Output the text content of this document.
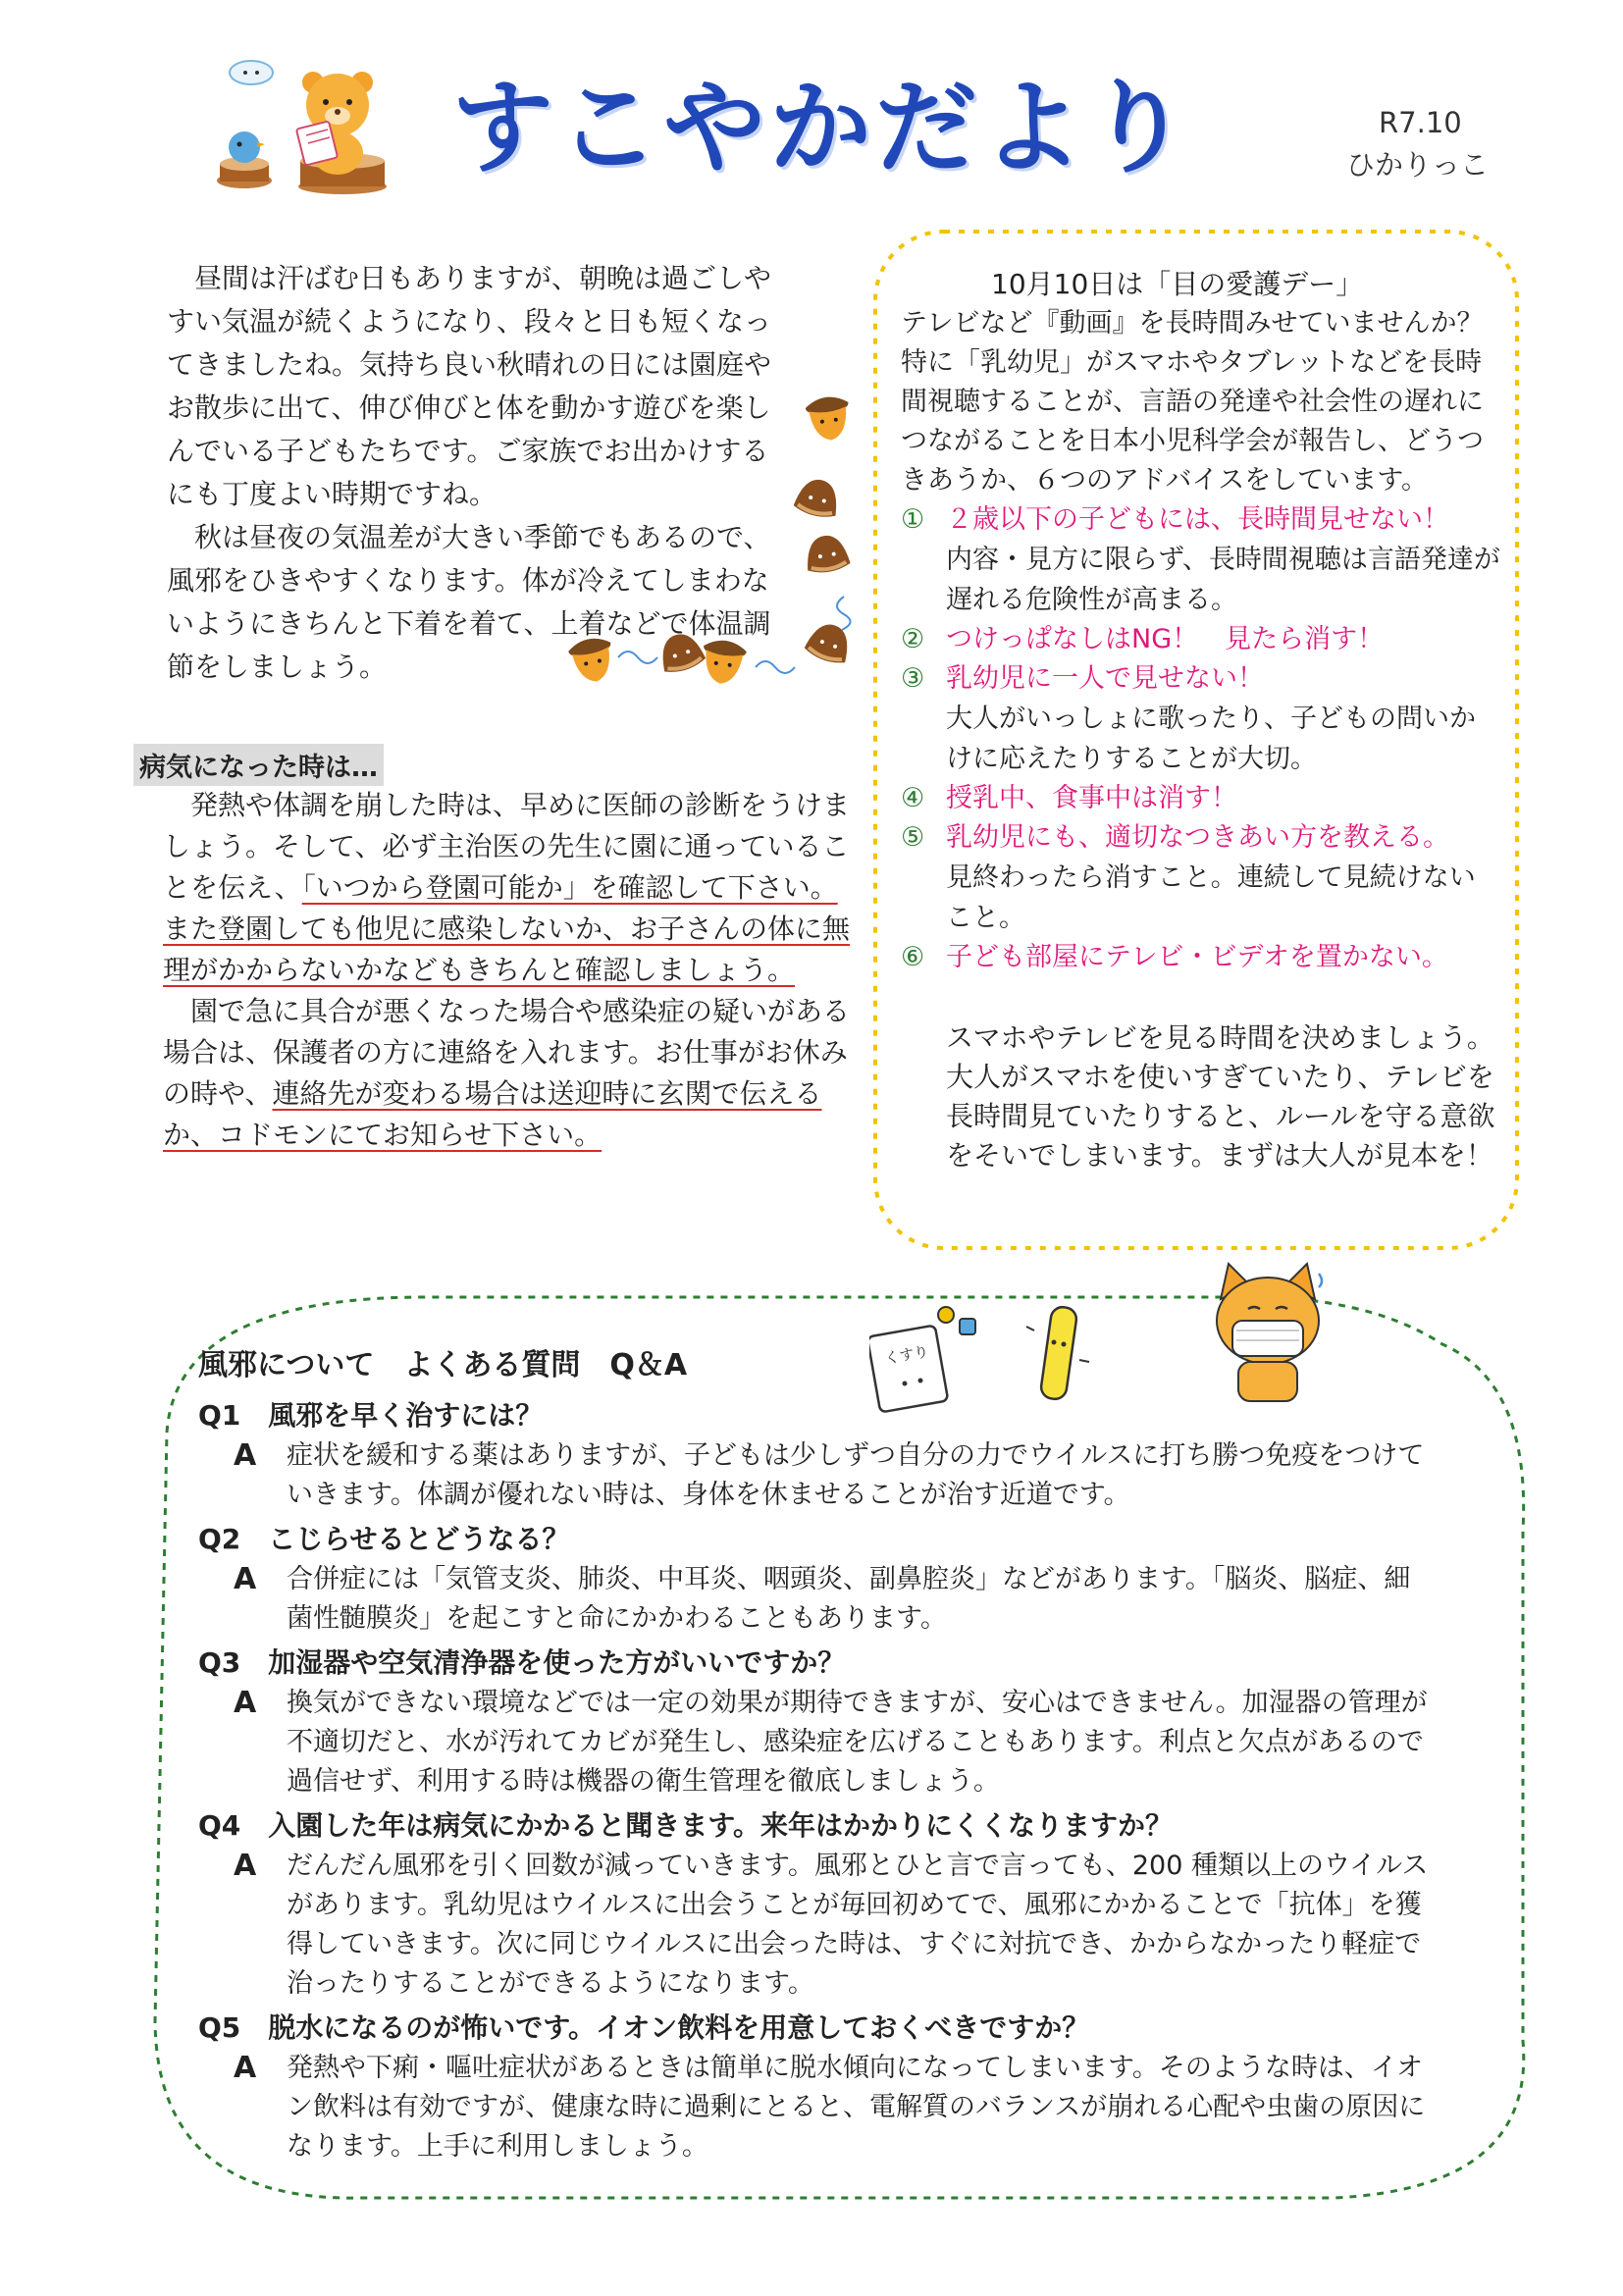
すこやかだより	R7.10
ひかりっこ

昼間は汗ばむ日もありますが、朝晩は過ごしやすい気温が続くようになり、段々と日も短くなってきましたね。気持ち良い秋晴れの日には園庭やお散歩に出て、伸び伸びと体を動かす遊びを楽しんでいる子どもたちです。ご家族でお出かけするにも丁度よい時期ですね。

秋は昼夜の気温差が大きい季節でもあるので、風邪をひきやすくなります。体が冷えてしまわないようにきちんと下着を着て、上着などで体温調節をしましょう。

病気になった時は…

発熱や体調を崩した時は、早めに医師の診断をうけましょう。そして、必ず主治医の先生に園に通っていることを伝え、「いつから登園可能か」を確認して下さい。また登園しても他児に感染しないか、お子さんの体に無理がかからないかなどもきちんと確認しましょう。

園で急に具合が悪くなった場合や感染症の疑いがある場合は、保護者の方に連絡を入れます。お仕事がお休みの時や、連絡先が変わる場合は送迎時に玄関で伝えるか、コドモンにてお知らせ下さい。

10月10日は「目の愛護デー」
テレビなど『動画』を長時間みせていませんか？特に「乳幼児」がスマホやタブレットなどを長時間視聴することが、言語の発達や社会性の遅れにつながることを日本小児科学会が報告し、どうつきあうか、６つのアドバイスをしています。
① ２歳以下の子どもには、長時間見せない！
内容・見方に限らず、長時間視聴は言語発達が遅れる危険性が高まる。
② つけっぱなしはNG！　見たら消す！
③ 乳幼児に一人で見せない！
大人がいっしょに歌ったり、子どもの問いかけに応えたりすることが大切。
④ 授乳中、食事中は消す！
⑤ 乳幼児にも、適切なつきあい方を教える。
見終わったら消すこと。連続して見続けないこと。
⑥ 子ども部屋にテレビ・ビデオを置かない。
スマホやテレビを見る時間を決めましょう。大人がスマホを使いすぎていたり、テレビを長時間見ていたりすると、ルールを守る意欲をそいでしまいます。まずは大人が見本を！
くすり
風邪について　よくある質問　Q＆A
Q1　風邪を早く治すには？
A	症状を緩和する薬はありますが、子どもは少しずつ自分の力でウイルスに打ち勝つ免疫をつけていきます。体調が優れない時は、身体を休ませることが治す近道です。
Q2　こじらせるとどうなる？
A	合併症には「気管支炎、肺炎、中耳炎、咽頭炎、副鼻腔炎」などがあります。「脳炎、脳症、細菌性髄膜炎」を起こすと命にかかわることもあります。
Q3　加湿器や空気清浄器を使った方がいいですか？
A	換気ができない環境などでは一定の効果が期待できますが、安心はできません。加湿器の管理が不適切だと、水が汚れてカビが発生し、感染症を広げることもあります。利点と欠点があるので過信せず、利用する時は機器の衛生管理を徹底しましょう。
Q4　入園した年は病気にかかると聞きます。来年はかかりにくくなりますか？
A	だんだん風邪を引く回数が減っていきます。風邪とひと言で言っても、200 種類以上のウイルスがあります。乳幼児はウイルスに出会うことが毎回初めてで、風邪にかかることで「抗体」を獲得していきます。次に同じウイルスに出会った時は、すぐに対抗でき、かからなかったり軽症で治ったりすることができるようになります。
Q5　脱水になるのが怖いです。イオン飲料を用意しておくべきですか？
A	発熱や下痢・嘔吐症状があるときは簡単に脱水傾向になってしまいます。そのような時は、イオン飲料は有効ですが、健康な時に過剰にとると、電解質のバランスが崩れる心配や虫歯の原因になります。上手に利用しましょう。
